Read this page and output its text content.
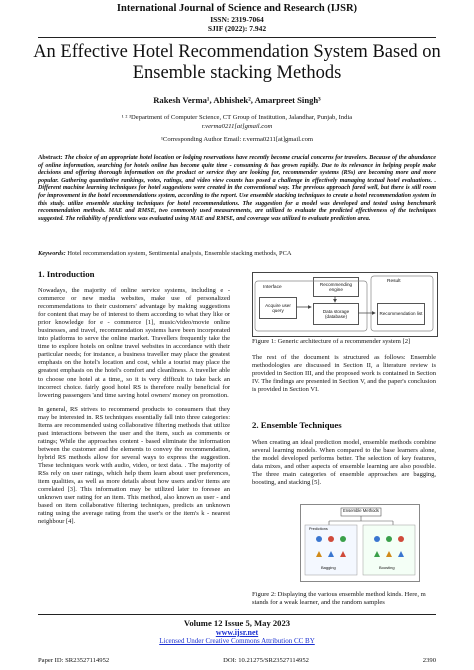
International Journal of Science and Research (IJSR)
ISSN: 2319-7064
SJIF (2022): 7.942
An Effective Hotel Recommendation System Based on Ensemble stacking Methods
Rakesh Verma¹, Abhishek², Amarpreet Singh³
¹ ² ³Department of Computer Science, CT Group of Institution, Jalandhar, Punjab, India
r.verma0211[at]gmail.com
¹Corresponding Author Email: r.verma0211[at]gmail.com
Abstract: The choice of an appropriate hotel location or lodging reservations have recently become crucial concerns for travelers. Because of the abundance of online information, searching for hotels online has become quite time - consuming & has grown rapidly. Due to its relevance in helping people make decisions and offering thorough information on the product or service they are looking for, recommender systems (RSs) are becoming more and more popular. Gathering quantitative rankings, votes, ratings, and video view counts has posed a challenge in effectively managing textual hotel evaluations. . Different machine learning techniques for hotel suggestions were created in the conventional way. The previous approach fared well, but there is still room for improvement in the hotel recommendations system, according to the report. Use ensemble stacking techniques to create a hotel recommendation system in this study. utilize ensemble stacking techniques for hotel recommendations. The suggestion for a model was developed and tested using benchmark recommendation methods. MAE and RMSE, two commonly used measurements, are utilized to evaluate the predicted effectiveness of the techniques suggested. The reliability of predictions was evaluated using MAE and RMSE, and coverage was utilized to evaluate prediction area.
Keywords: Hotel recommendation system, Sentimental analysis, Ensemble stacking methods, PCA
1. Introduction

Nowadays, the majority of online service systems, including e - commerce or new media websites, make use of personalized recommendations to their customers' advantage by making suggestions for content that may be of interest to them according to what they like or prior knowledge for e - commerce [1], music/video/movie online businesses, and travel, recommendation systems have been incorporated into platforms to serve the online market. Travellers frequently take the time to explore hotels on online travel websites in accordance with their particular needs; for instance, a business traveller may place the greatest emphasis on the hotel's location and cost, while a tourist may place the greatest emphasis on the hotel's comfort and cleanliness. A traveller able to choose one hotel at a time,, so it is very difficult to take back an incorrect choice. fairly good hotel RS is therefore really beneficial for lowering passengers 'and time saving hotel owners' money on promotion.

In general, RS strives to recommend products to consumers that they may be interested in. RS techniques essentially fall into three categories: Items are recommended using collaborative filtering methods that utilize past interactions between the user and the item, such as comments or ratings; While the approaches content - based eliminate the information between the customer and the elements to convey the recommendation, hybrid RS methods allow for several ways to express the suggestion. These techniques work with audio, video, or text data. . The majority of RSs rely on user ratings, which help them learn about user preferences, item qualities, as well as more details about how users and/or items are correlated [3]. This information may be utilized later to foresee an unknown user rating for an item. This method, also known as user - and based on item collaborative filtering techniques, predicts an unknown rating using the average rating from the user's or the item's k - nearest neighbour [4].

Interface
Result
Acquire user query
Recommending engine
Data storage (database)
Recommendation list
Figure 1: Generic architecture of a recommender system [2]

The rest of the document is structured as follows: Ensemble methodologies are discussed in Section II, a literature review is provided in Section III, and the proposed work is contained in Section IV. The findings are presented in Section V, and the paper's conclusion is provided in Section VI.

2. Ensemble Techniques

When creating an ideal prediction model, ensemble methods combine several learning models. When compared to the base learners alone, the model developed performs better. The selection of key features, data mixes, and other aspects of ensemble learning are also possible. The three main categories of ensemble approaches are bagging, boosting, and stacking [5].

Ensemble Methods
Predictions
Bagging	Boosting
Figure 2: Displaying the various ensemble method kinds. Here, m stands for a weak learner, and the random samples
Volume 12 Issue 5, May 2023
www.ijsr.net
Licensed Under Creative Commons Attribution CC BY
Paper ID: SR23527114952	DOI: 10.21275/SR23527114952	2390
